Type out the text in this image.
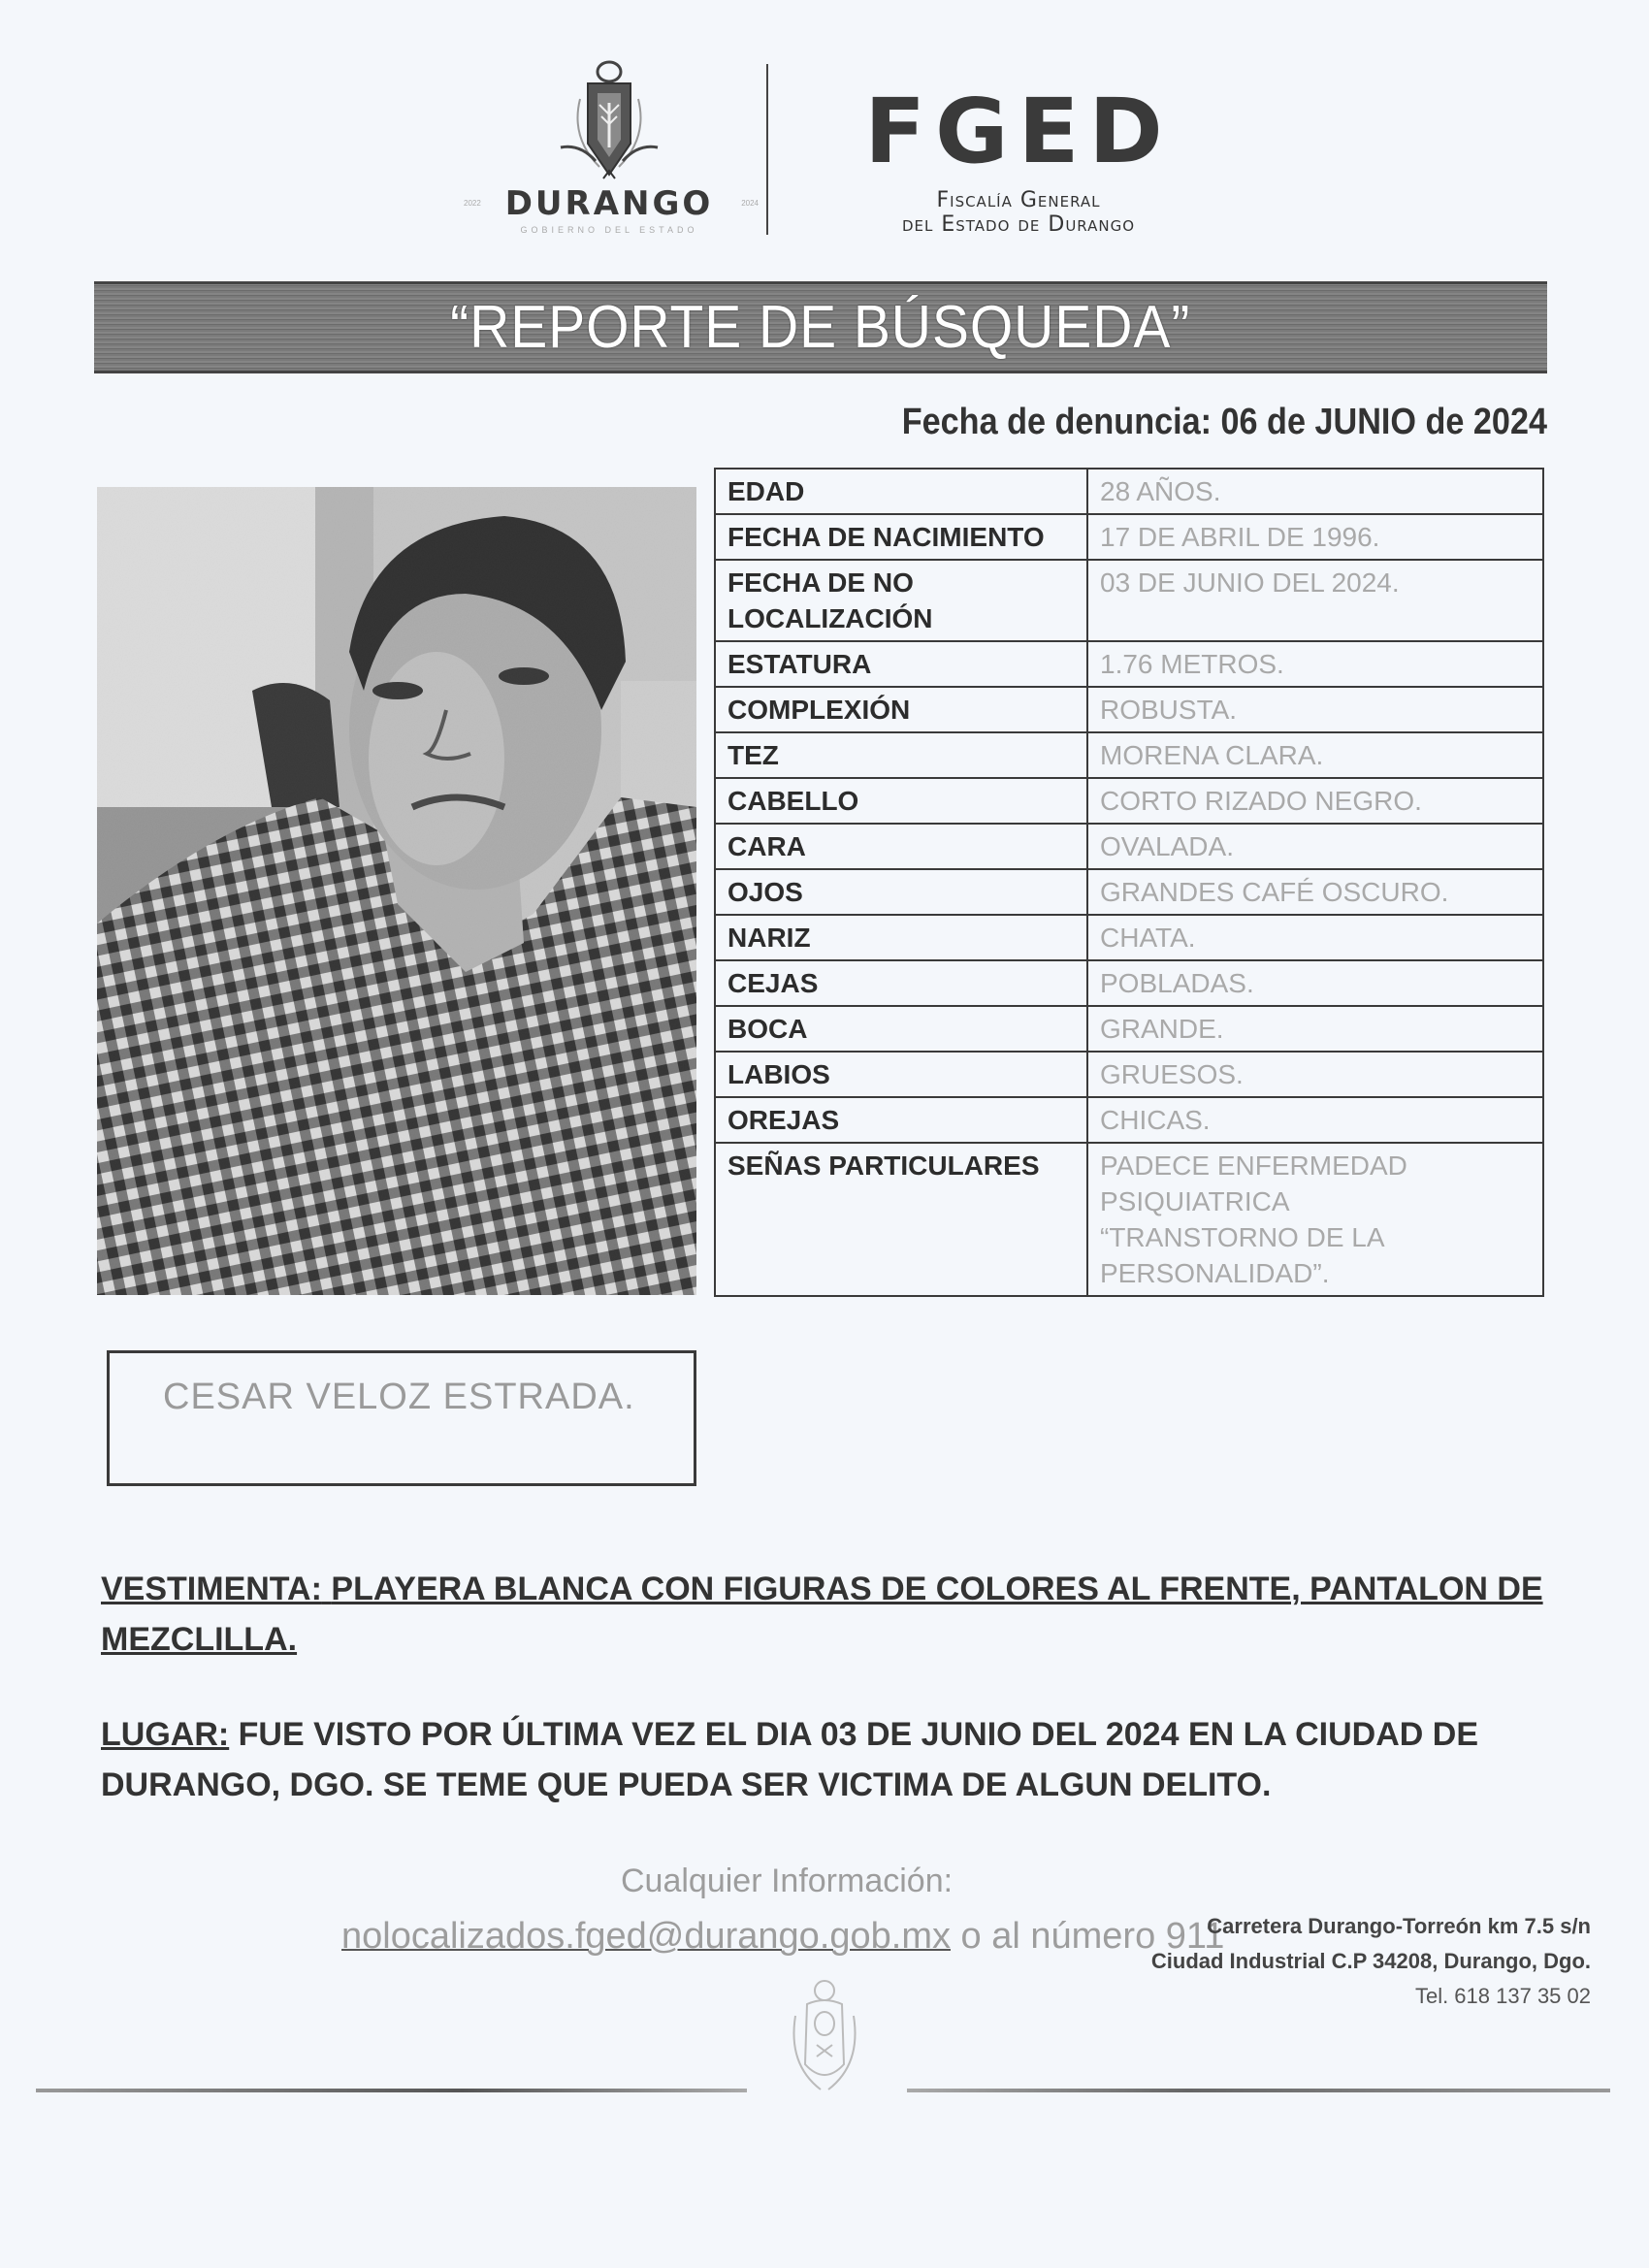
2022 DURANGO	2024
GOBIERNO DEL ESTADO
FGED
Fiscalía General
del Estado de Durango
“REPORTE DE BÚSQUEDA”
Fecha de denuncia: 06 de JUNIO de 2024
EDAD	28 AÑOS.
FECHA DE NACIMIENTO	17 DE ABRIL DE 1996.
FECHA DE NO LOCALIZACIÓN	03 DE JUNIO DEL 2024.
ESTATURA	1.76 METROS.
COMPLEXIÓN	ROBUSTA.
TEZ	MORENA CLARA.
CABELLO	CORTO RIZADO NEGRO.
CARA	OVALADA.
OJOS	GRANDES CAFÉ OSCURO.
NARIZ	CHATA.
CEJAS	POBLADAS.
BOCA	GRANDE.
LABIOS	GRUESOS.
OREJAS	CHICAS.
SEÑAS PARTICULARES	PADECE ENFERMEDAD PSIQUIATRICA “TRANSTORNO DE LA PERSONALIDAD”.
CESAR VELOZ ESTRADA.
VESTIMENTA: PLAYERA BLANCA CON FIGURAS DE COLORES AL FRENTE, PANTALON DE MEZCLILLA.
LUGAR: FUE VISTO POR ÚLTIMA VEZ EL DIA 03 DE JUNIO DEL 2024 EN LA CIUDAD DE DURANGO, DGO. SE TEME QUE PUEDA SER VICTIMA DE ALGUN DELITO.
Cualquier Información:
nolocalizados.fged@durango.gob.mx o al número 911
Carretera Durango-Torreón km 7.5 s/n
Ciudad Industrial C.P 34208, Durango, Dgo.
Tel. 618 137 35 02
